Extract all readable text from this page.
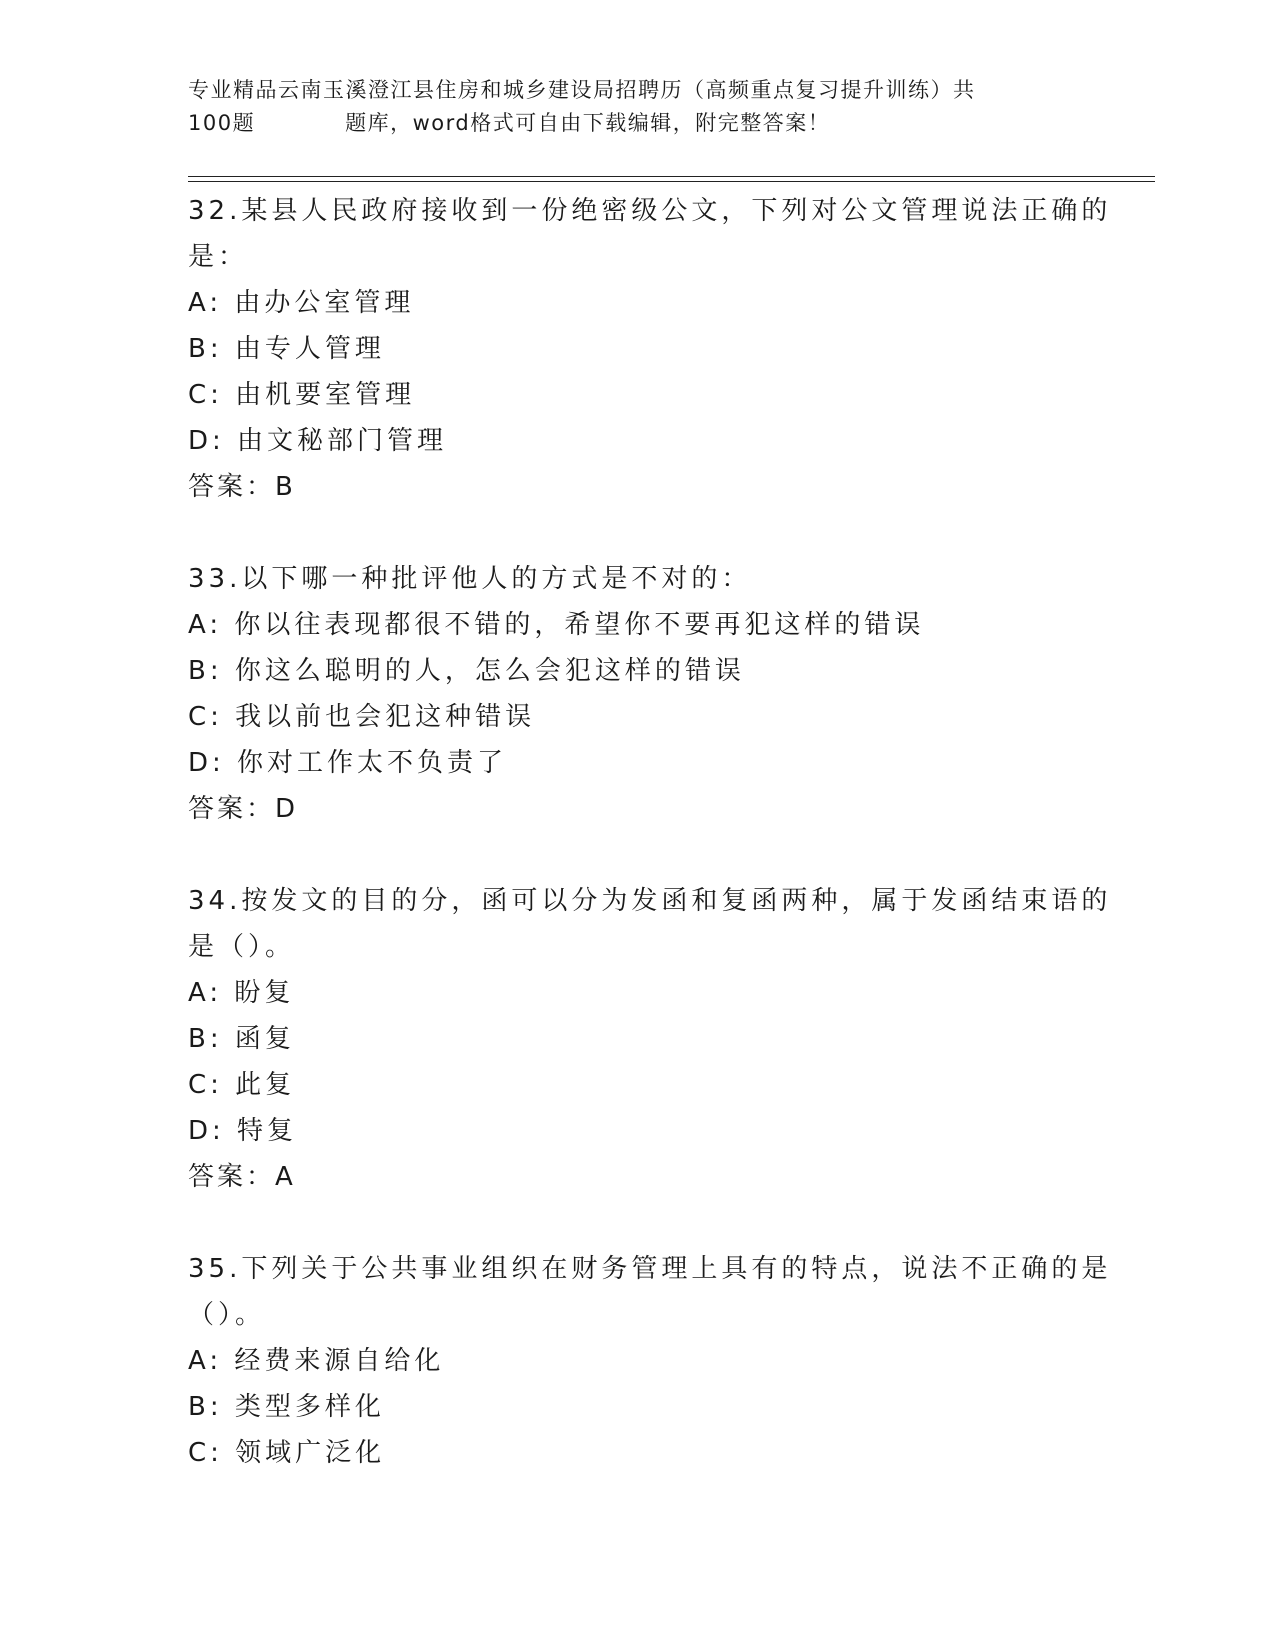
专业精品云南玉溪澄江县住房和城乡建设局招聘历（高频重点复习提升训练）共
100题	题库，word格式可自由下载编辑，附完整答案！
32.某县人民政府接收到一份绝密级公文，下列对公文管理说法正确的
是：
A: 由办公室管理
B: 由专人管理
C: 由机要室管理
D: 由文秘部门管理
答案：B
33.以下哪一种批评他人的方式是不对的：
A: 你以往表现都很不错的，希望你不要再犯这样的错误
B: 你这么聪明的人，怎么会犯这样的错误
C: 我以前也会犯这种错误
D: 你对工作太不负责了
答案：D
34.按发文的目的分，函可以分为发函和复函两种，属于发函结束语的
是（）。
A: 盼复
B: 函复
C: 此复
D: 特复
答案：A
35.下列关于公共事业组织在财务管理上具有的特点，说法不正确的是
（）。
A: 经费来源自给化
B: 类型多样化
C: 领域广泛化
